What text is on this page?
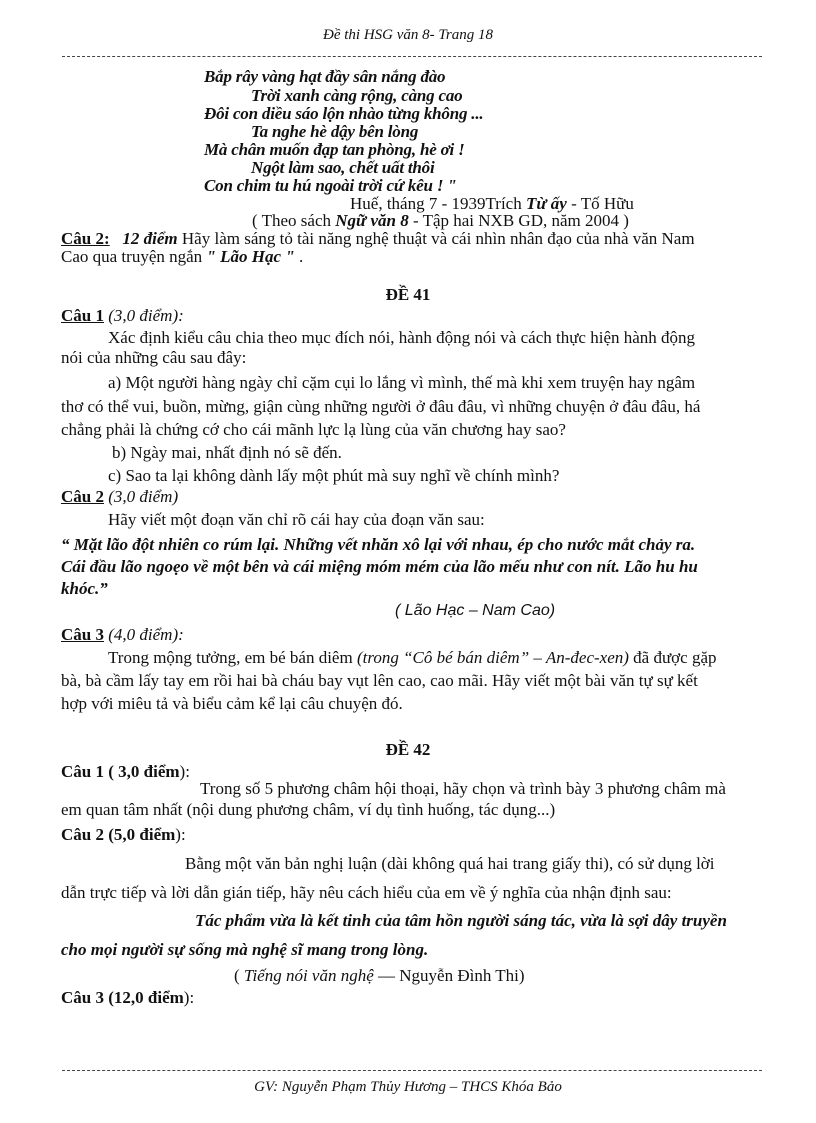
Đề thi HSG văn 8- Trang 18
Bắp rây vàng hạt đầy sân nắng đào
Trời xanh càng rộng, càng cao
Đôi con diều sáo lộn nhào từng không ...
Ta nghe hè dậy bên lòng
Mà chân muốn đạp tan phòng, hè ơi !
Ngột làm sao, chết uất thôi
Con chim tu hú ngoài trời cứ kêu ! "
Huế, tháng 7 - 1939Trích Từ ấy - Tố Hữu
( Theo sách Ngữ văn 8 - Tập hai NXB GD, năm 2004 )
Câu 2: 12 điểm Hãy làm sáng tỏ tài năng nghệ thuật và cái nhìn nhân đạo của nhà văn Nam
Cao qua truyện ngắn " Lão Hạc " .
ĐỀ 41
Câu 1 (3,0 điểm):
Xác định kiểu câu chia theo mục đích nói, hành động nói và cách thực hiện hành động
nói của những câu sau đây:
a) Một người hàng ngày chỉ cặm cụi lo lắng vì mình, thế mà khi xem truyện hay ngâm
thơ có thể vui, buồn, mừng, giận cùng những người ở đâu đâu, vì những chuyện ở đâu đâu, há
chẳng phải là chứng cớ cho cái mãnh lực lạ lùng của văn chương hay sao?
b) Ngày mai, nhất định nó sẽ đến.
c) Sao ta lại không dành lấy một phút mà suy nghĩ về chính mình?
Câu 2 (3,0 điểm)
Hãy viết một đoạn văn chỉ rõ cái hay của đoạn văn sau:
“ Mặt lão đột nhiên co rúm lại. Những vết nhăn xô lại với nhau, ép cho nước mắt chảy ra.
Cái đầu lão ngoẹo về một bên và cái miệng móm mém của lão mếu như con nít. Lão hu hu
khóc.”
( Lão Hạc – Nam Cao)
Câu 3 (4,0 điểm):
Trong mộng tưởng, em bé bán diêm (trong “Cô bé bán diêm” – An-đec-xen) đã được gặp
bà, bà cầm lấy tay em rồi hai bà cháu bay vụt lên cao, cao mãi. Hãy viết một bài văn tự sự kết
hợp với miêu tả và biểu cảm kể lại câu chuyện đó.
ĐỀ 42
Câu 1 ( 3,0 điểm):
Trong số 5 phương châm hội thoại, hãy chọn và trình bày 3 phương châm mà
em quan tâm nhất (nội dung phương châm, ví dụ tình huống, tác dụng...)
Câu 2 (5,0 điểm):
Bằng một văn bản nghị luận (dài không quá hai trang giấy thi), có sử dụng lời
dẫn trực tiếp và lời dẫn gián tiếp, hãy nêu cách hiểu của em về ý nghĩa của nhận định sau:
Tác phẩm vừa là kết tinh của tâm hồn người sáng tác, vừa là sợi dây truyền
cho mọi người sự sống mà nghệ sĩ mang trong lòng.
( Tiếng nói văn nghệ — Nguyễn Đình Thi)
Câu 3 (12,0 điểm):
GV: Nguyễn Phạm Thủy Hương – THCS Khóa Bảo
